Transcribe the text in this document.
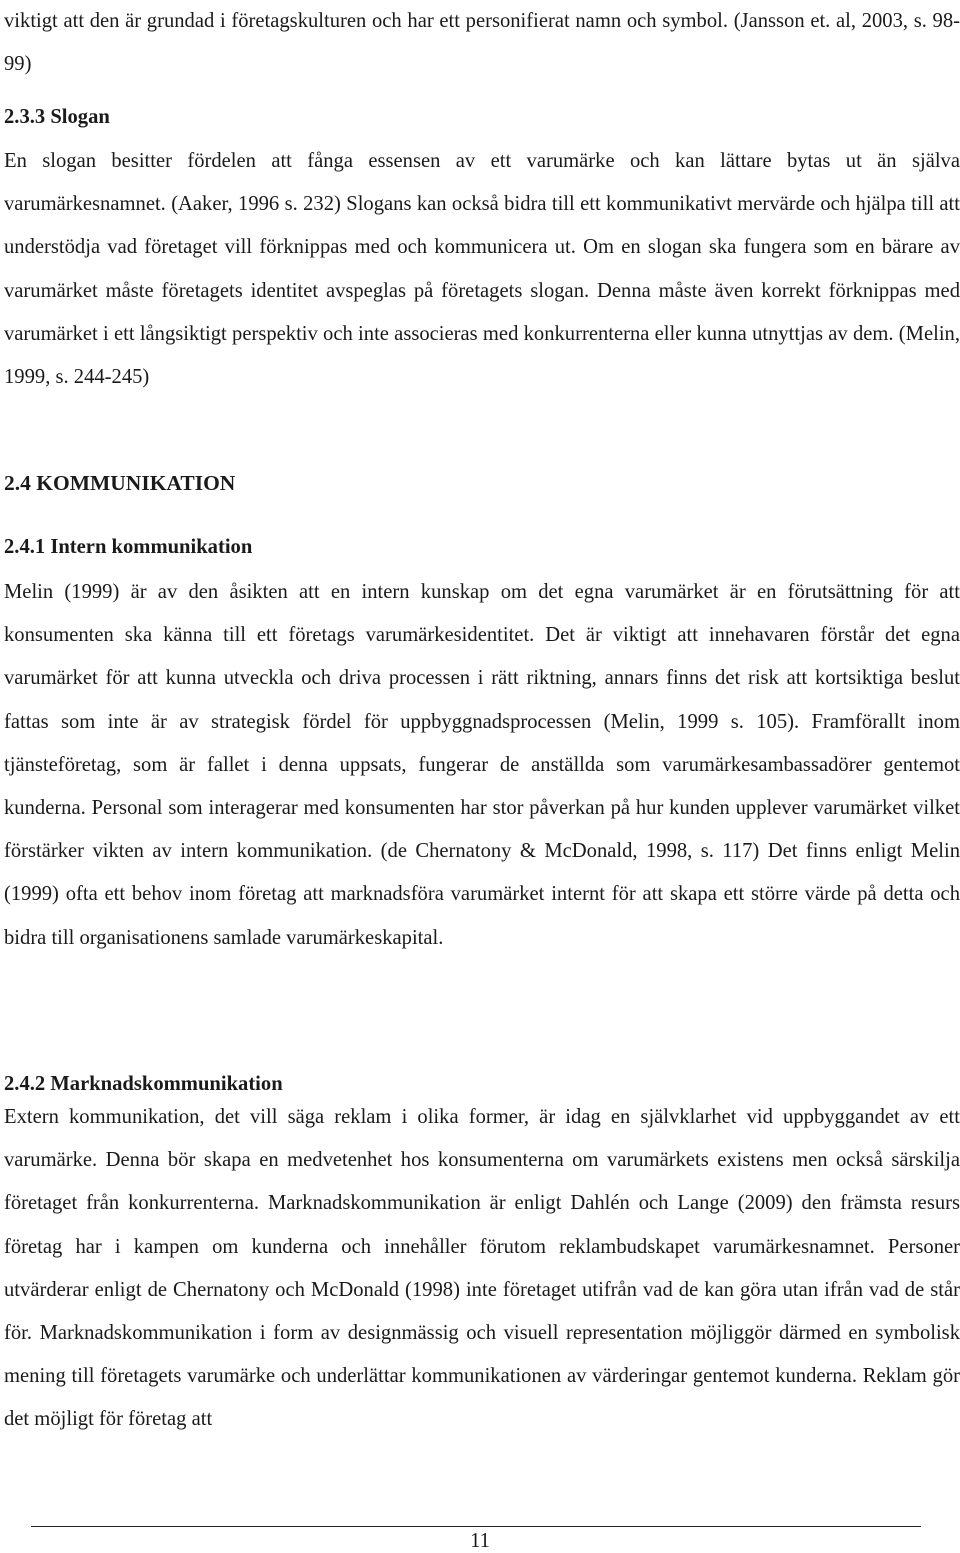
viktigt att den är grundad i företagskulturen och har ett personifierat namn och symbol. (Jansson et. al, 2003, s. 98-99)

2.3.3 Slogan

En slogan besitter fördelen att fånga essensen av ett varumärke och kan lättare bytas ut än själva varumärkesnamnet. (Aaker, 1996 s. 232) Slogans kan också bidra till ett kommunikativt mervärde och hjälpa till att understödja vad företaget vill förknippas med och kommunicera ut. Om en slogan ska fungera som en bärare av varumärket måste företagets identitet avspeglas på företagets slogan. Denna måste även korrekt förknippas med varumärket i ett långsiktigt perspektiv och inte associeras med konkurrenterna eller kunna utnyttjas av dem. (Melin, 1999, s. 244-245)

2.4 KOMMUNIKATION
2.4.1 Intern kommunikation

Melin (1999) är av den åsikten att en intern kunskap om det egna varumärket är en förutsättning för att konsumenten ska känna till ett företags varumärkesidentitet. Det är viktigt att innehavaren förstår det egna varumärket för att kunna utveckla och driva processen i rätt riktning, annars finns det risk att kortsiktiga beslut fattas som inte är av strategisk fördel för uppbyggnadsprocessen (Melin, 1999 s. 105). Framförallt inom tjänsteföretag, som är fallet i denna uppsats, fungerar de anställda som varumärkesambassadörer gentemot kunderna. Personal som interagerar med konsumenten har stor påverkan på hur kunden upplever varumärket vilket förstärker vikten av intern kommunikation. (de Chernatony & McDonald, 1998, s. 117) Det finns enligt Melin (1999) ofta ett behov inom företag att marknadsföra varumärket internt för att skapa ett större värde på detta och bidra till organisationens samlade varumärkeskapital.

2.4.2 Marknadskommunikation

Extern kommunikation, det vill säga reklam i olika former, är idag en självklarhet vid uppbyggandet av ett varumärke. Denna bör skapa en medvetenhet hos konsumenterna om varumärkets existens men också särskilja företaget från konkurrenterna. Marknadskommunikation är enligt Dahlén och Lange (2009) den främsta resurs företag har i kampen om kunderna och innehåller förutom reklambudskapet varumärkesnamnet. Personer utvärderar enligt de Chernatony och McDonald (1998) inte företaget utifrån vad de kan göra utan ifrån vad de står för. Marknadskommunikation i form av designmässig och visuell representation möjliggör därmed en symbolisk mening till företagets varumärke och underlättar kommunikationen av värderingar gentemot kunderna. Reklam gör det möjligt för företag att

11
